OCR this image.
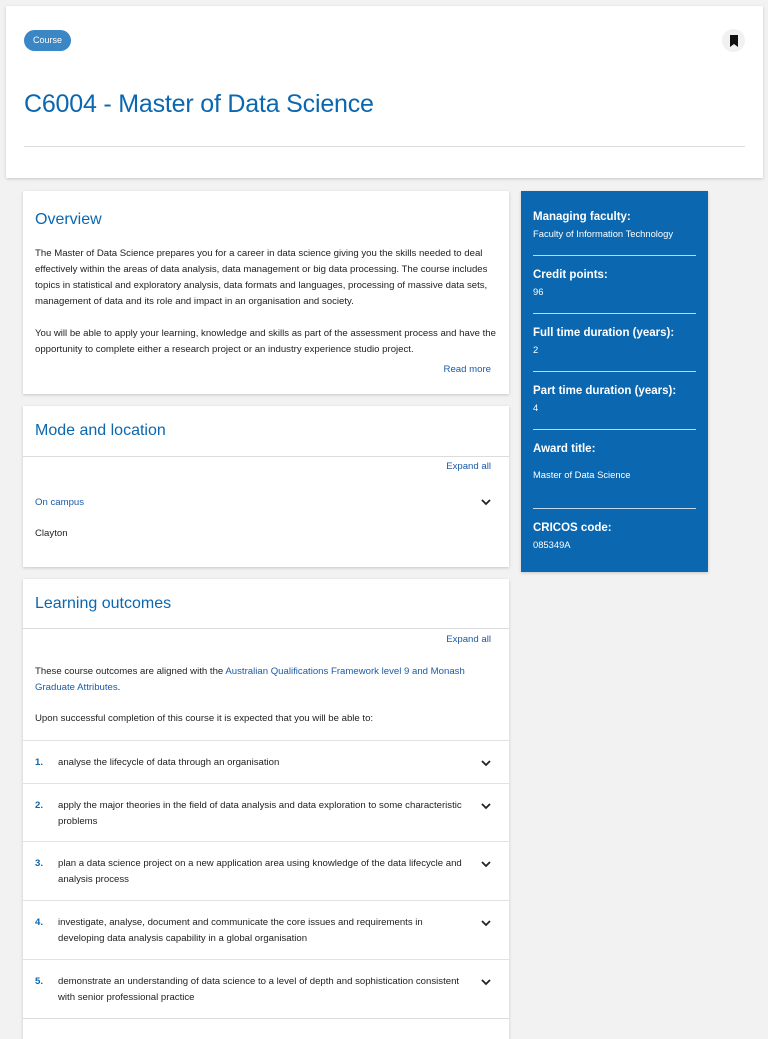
Course
C6004 - Master of Data Science
Overview

The Master of Data Science prepares you for a career in data science giving you the skills needed to deal effectively within the areas of data analysis, data management or big data processing. The course includes topics in statistical and exploratory analysis, data formats and languages, processing of massive data sets, management of data and its role and impact in an organisation and society.

You will be able to apply your learning, knowledge and skills as part of the assessment process and have the opportunity to complete either a research project or an industry experience studio project.

Read more
Mode and location
Expand all
On campus
Clayton
Learning outcomes
Expand all

These course outcomes are aligned with the Australian Qualifications Framework level 9 and Monash Graduate Attributes.

Upon successful completion of this course it is expected that you will be able to:

1. analyse the lifecycle of data through an organisation
2. apply the major theories in the field of data analysis and data exploration to some characteristic problems
3. plan a data science project on a new application area using knowledge of the data lifecycle and analysis process
4. investigate, analyse, document and communicate the core issues and requirements in developing data analysis capability in a global organisation
5. demonstrate an understanding of data science to a level of depth and sophistication consistent with senior professional practice
Managing faculty:
Faculty of Information Technology
Credit points:
96
Full time duration (years):
2
Part time duration (years):
4
Award title:
Master of Data Science
CRICOS code:
085349A
